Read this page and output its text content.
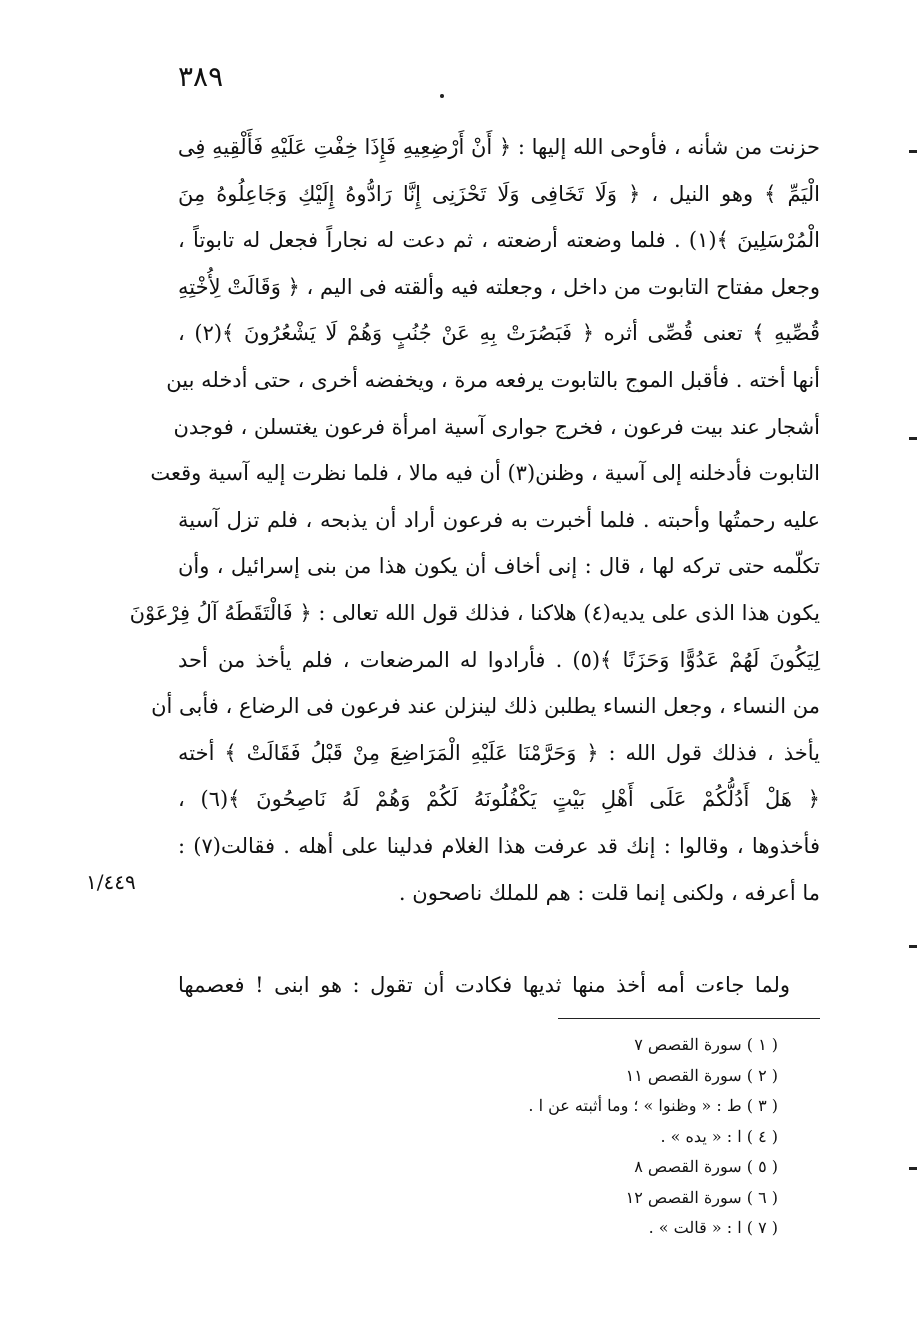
٣٨٩
حزنت من شأنه ، فأوحى الله إليها : ﴿ أَنْ أَرْضِعِيهِ فَإِذَا خِفْتِ عَلَيْهِ فَأَلْقِيهِ فِى
الْيَمِّ ﴾ وهو النيل ، ﴿ وَلَا تَخَافِى وَلَا تَحْزَنِى إِنَّا رَادُّوهُ إِلَيْكِ وَجَاعِلُوهُ مِنَ
الْمُرْسَلِينَ ﴾(١) . فلما وضعته أرضعته ، ثم دعت له نجاراً فجعل له تابوتاً ،
وجعل مفتاح التابوت من داخل ، وجعلته فيه وألقته فى اليم ، ﴿ وَقَالَتْ لِأُخْتِهِ
قُصِّيهِ ﴾ تعنى قُصِّى أثره ﴿ فَبَصُرَتْ بِهِ عَنْ جُنُبٍ وَهُمْ لَا يَشْعُرُونَ ﴾(٢) ،
أنها أخته . فأقبل الموج بالتابوت يرفعه مرة ، ويخفضه أخرى ، حتى أدخله بين
أشجار عند بيت فرعون ، فخرج جوارى آسية امرأة فرعون يغتسلن ، فوجدن
التابوت فأدخلنه إلى آسية ، وظنن(٣) أن فيه مالا ، فلما نظرت إليه آسية وقعت
عليه رحمتُها وأحبته . فلما أخبرت به فرعون أراد أن يذبحه ، فلم تزل آسية
تكلّمه حتى تركه لها ، قال : إنى أخاف أن يكون هذا من بنى إسرائيل ، وأن
يكون هذا الذى على يديه(٤) هلاكنا ، فذلك قول الله تعالى : ﴿ فَالْتَقَطَهُ آلُ فِرْعَوْنَ
لِيَكُونَ لَهُمْ عَدُوًّا وَحَزَنًا ﴾(٥) . فأرادوا له المرضعات ، فلم يأخذ من أحد
من النساء ، وجعل النساء يطلبن ذلك لينزلن عند فرعون فى الرضاع ، فأبى أن
يأخذ ، فذلك قول الله : ﴿ وَحَرَّمْنَا عَلَيْهِ الْمَرَاضِعَ مِنْ قَبْلُ فَقَالَتْ ﴾ أخته
﴿ هَلْ أَدُلُّكُمْ عَلَى أَهْلِ بَيْتٍ يَكْفُلُونَهُ لَكُمْ وَهُمْ لَهُ نَاصِحُونَ ﴾(٦) ،
فأخذوها ، وقالوا : إنك قد عرفت هذا الغلام فدلينا على أهله . فقالت(٧) :
ما أعرفه ، ولكنى إنما قلت : هم للملك ناصحون .
١/٤٤٩
ولما جاءت أمه أخذ منها ثديها فكادت أن تقول : هو ابنى ! فعصمها
( ١ ) سورة القصص ٧
( ٢ ) سورة القصص ١١
( ٣ ) ط : « وظنوا » ؛ وما أثبته عن ا .
( ٤ ) ا : « يده » .
( ٥ ) سورة القصص ٨
( ٦ ) سورة القصص ١٢
( ٧ ) ا : « قالت » .
